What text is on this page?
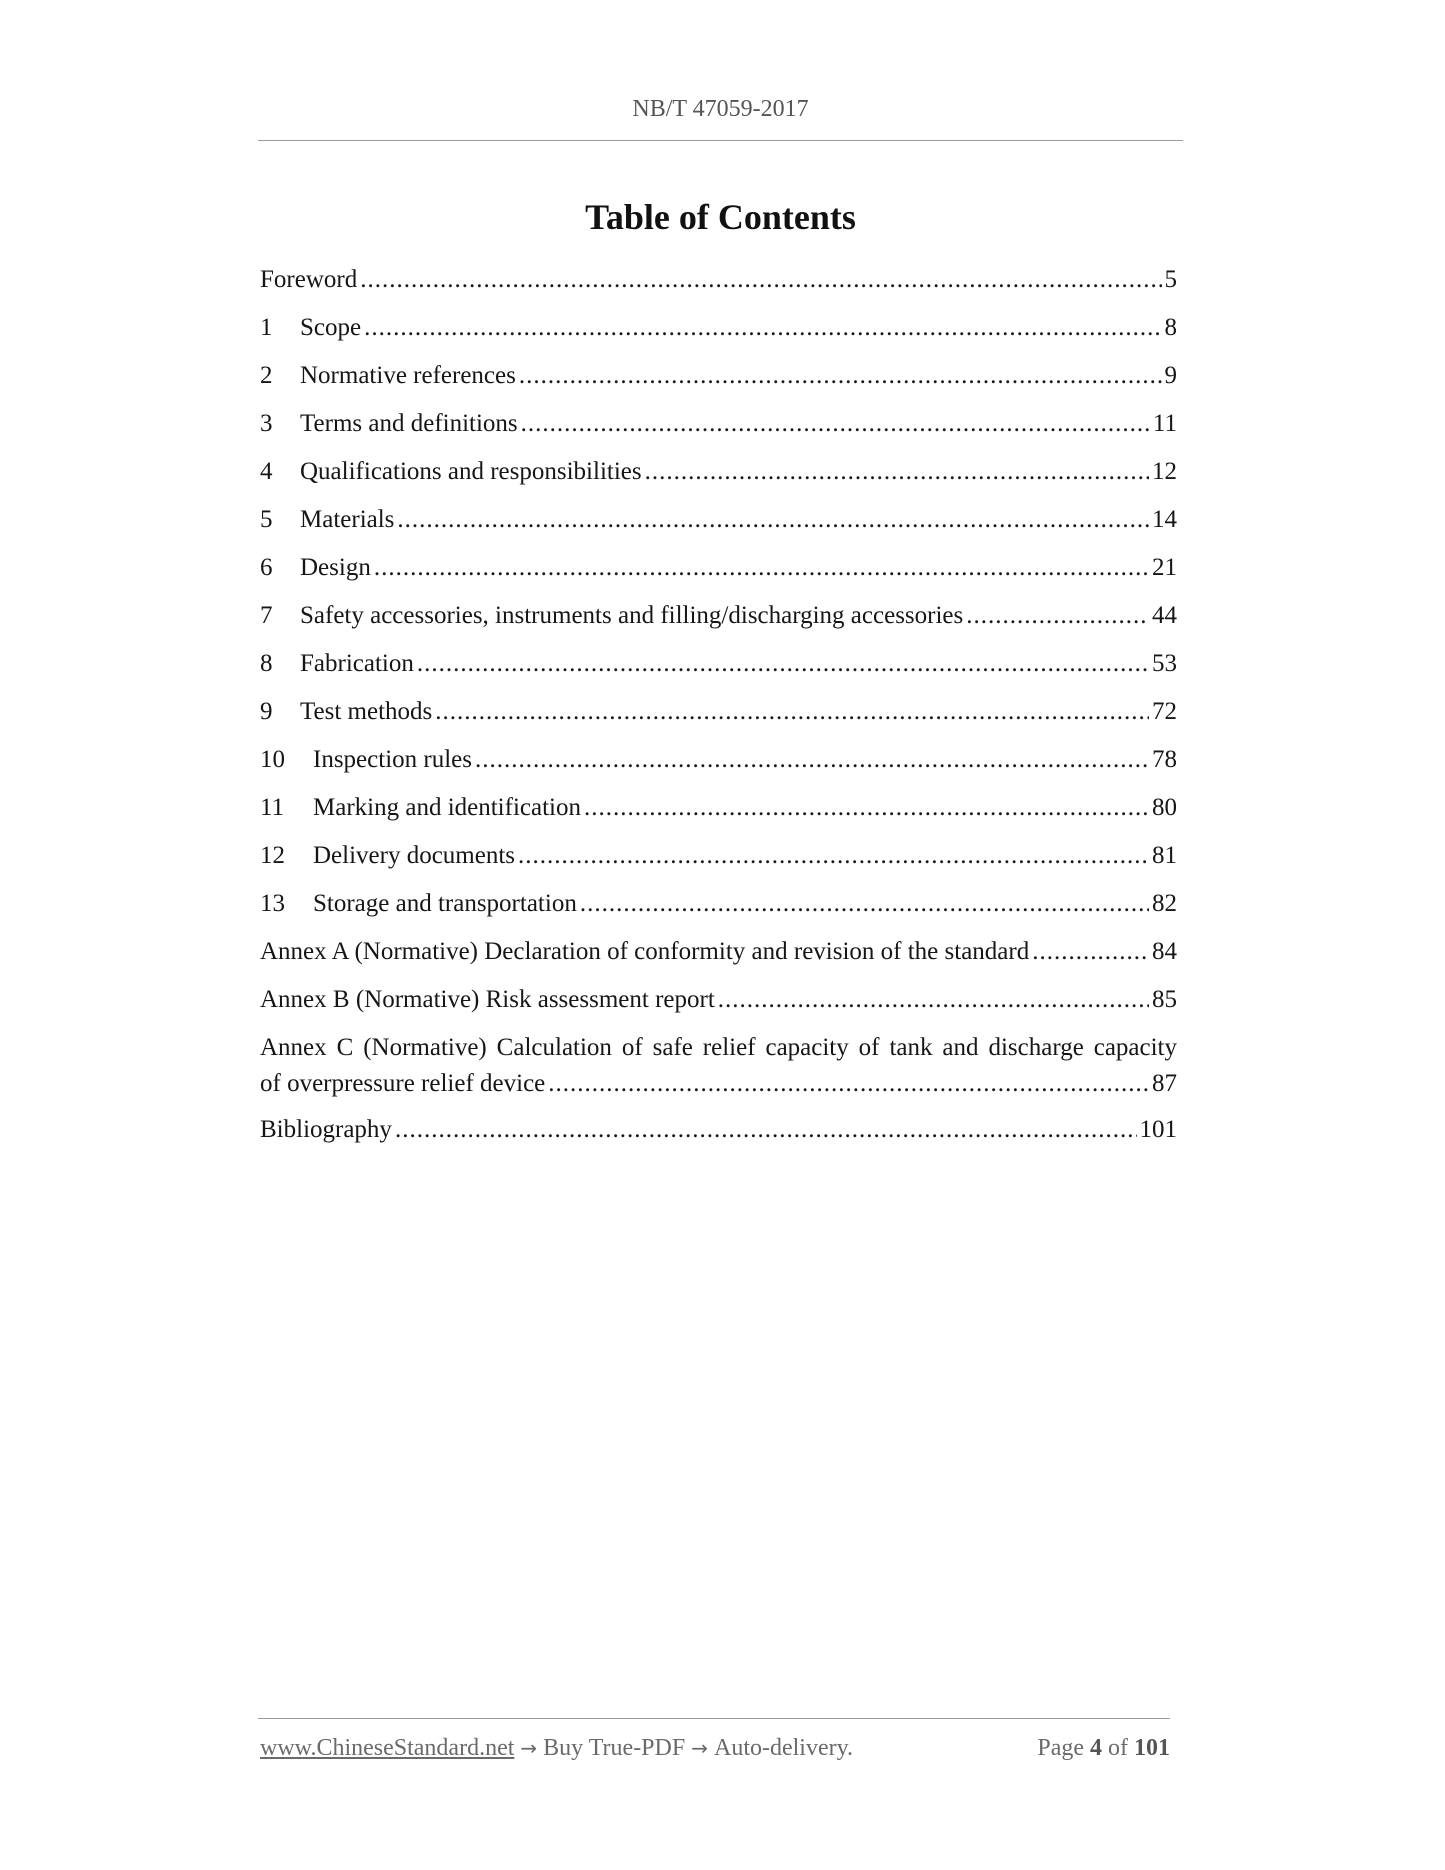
NB/T 47059-2017
Table of Contents
Foreword .....	5
1	Scope .....	8
2	Normative references .....	9
3	Terms and definitions .....	11
4	Qualifications and responsibilities .....	12
5	Materials .....	14
6	Design .....	21
7	Safety accessories, instruments and filling/discharging accessories .....	44
8	Fabrication .....	53
9	Test methods .....	72
10	Inspection rules .....	78
11	Marking and identification .....	80
12	Delivery documents .....	81
13	Storage and transportation .....	82
Annex A (Normative) Declaration of conformity and revision of the standard .....	84
Annex B (Normative) Risk assessment report .....	85
Annex C (Normative) Calculation of safe relief capacity of tank and discharge capacity
of overpressure relief device .....	87
Bibliography .....	101
www.ChineseStandard.net → Buy True-PDF → Auto-delivery.	Page 4 of 101
